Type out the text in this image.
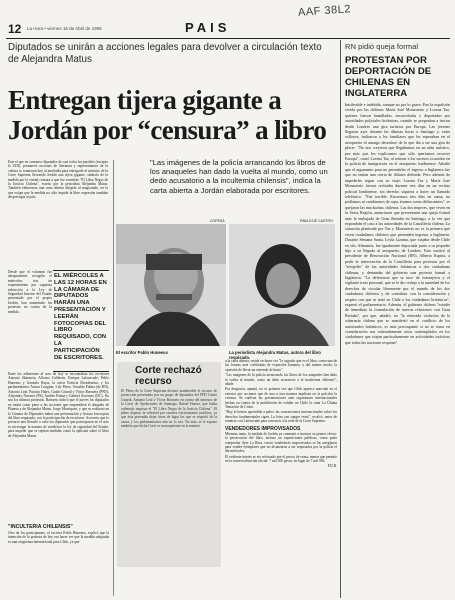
AAF 38L2
12 La Hora • viernes 16 de Abril de 1999	PAIS
Diputados se unirán a acciones legales para devolver a circulación texto de Alejandra Matus
Entregan tijera gigante a
Jordán por “censura” a libro
Este el que en consenso diputados de casi todos los partidos (excepto la UDI), promueve acciones de literatura y representantes de la cultura se reunieron hoy al mediodía para entregarle al ministro de la Corte Suprema Servando Jordán una tijera gigante, símbolo de la medida por la virtual censura a que fue sometido "El Libro Negro de la Justicia Chilena", escrito por la periodista Alejandra Matus. También elaboraron una carta abierta dirigida al magistrado, en la que exijan que la medida no sólo impide la libre expresión también desprestigia al país.
Desde que el volumen fue abruptamente recogido el miércoles, tras un requerimiento por supuesta infracción a la Ley de Seguridad Interior del Estado presentado por el propio Jordán, han aumentado las protestas en contra de la medida.
EL MIÉRCOLES A LAS 12 HORAS EN LA CÁMARA DE DIPUTADOS HARÁN UNA PRESENTACIÓN Y LEERÁN FOTOCOPIAS DEL LIBRO REQUISADO, CON LA PARTICIPACIÓN DE ESCRITORES.
Entre los adherentes al acto de hoy se encontraban los escritores Antonio Skármeta, Alfonso Calderón, Enrique Lafourcade, Pablo Huneeus y Gonzalo Rojas, la actriz Patricia Rivadeneira, y los parlamentarios Arturo Longton, Lily Pérez, Osvaldo Palma (de RN), Antonio Leal, Patricio Hales, Guido Girardi y Víctor Barrueto (PPD), Alejandro Navarro (PS), Andrés Palma y Gabriel Ascencio (DC). No son los últimos protestas. Barrueto indicó que el jueves los diputados en unión como parte a las acciones que emprenderá el abogado de Planeta y de Alejandra Matus, Jorge Mosríquez, y que se realizará en la Cámara de Diputados habrá una presentación y lectura fotocopias del libro requisado, con la participación de escritores. Ascencio que lo privarse una llevarlo a cabo los diputados que participaron en el acto es investigar la manera de modificar la ley de seguridad del Estado, para impedir que se repitan medidas como la aplicada sobre el libro de Alejandra Matus.
"INCULTERIA CHILENSIS"
Otro de los participantes, el escritor Pablo Huneeus, explicó que la intención de la protesta de hoy era hacer ver que la medida adoptada es una vergüenza internacional para Chile, ya que
"Las imágenes de la policía arrancando los libros de los anaqueles han dado la vuelta al mundo, como un dedo acusatorio a la incultemia chilensis", indica la carta abierta a Jordán elaborada por escritores.
COPESA
El escritor Pablo Huneeus
PABLO DE CASTRO
La periodista Alejandra Matus, autora del libro requisado.
Corte rechazó recurso
El Pleno de la Corte Suprema declaró inadmisible el recurso de protección presentado por un grupo de diputados del PPD Guido Girardi, Antonio Leal y Víctor Barrueto en contra del ministro de la Corte de Apelaciones de Santiago, Rafael Huerta, que había ordenado requisar el "El Libro Negro de la Justicia Chilena". El pleno dispuso la solicitud por razones estrictamente jurídicas, ya que ésta pretendía dejar fuera de lugar las que se requirió de la causa, y los parlamentarios aún no lo son. No más, se le expuso también que dicha Corte es incompetente en la materia.

a la carta abierta, reside en hacer ver "lo sagrado que es el libro, como una de las formas más civilizadas de expresión humana, y del mismo modo, la opresión de llevar un estrendo de hurto".

"Las imágenes de la policía arrancando los libros de los anaqueles han dado la vuelta al mundo, como un dedo acusatorio a la incultemia chilensis", añade.

Por desgracia, apuntó, no es primera vez que Chile aparece marcado en el exterior por acciones que de una u otra manera implican en la práctica la censura. Se vuelven las presentaciones ante organismos internacionales hechas en contra de la prohibición de exhibir en Chile la cinta La Última Tentación de Cristo.

"Hoy lo hemos aprendido a palos: las convenciones internacionales sobre los derechos fundamentales rigen. La letra con sangre entra", recalcó, antes de reunirse con Lafourcade para concurrir a la sede de la Corte Suprema.

VENDEDORES IMPROVISADOS

Mientras tanto, la medida de Jordán ya comenzó a mostrar su primer efecto: la persecución del libro, incluso en reparticiones públicas, como pudo comprobar Ayer La Hora, varios vendedores improvisados se las arreglaron para vender ejemplares que no alcanzaron a ser requisados por la policía el día miércoles.

El evidente interés se vio reforzado por el precio de venta, menor que permite en la comercialización oficial: 7 mil 500 pesos, en lugar de 7 mil 900.

F.D.R.
RN pidió queja formal
PROTESTAN POR DEPORTACIÓN DE CHILENAS EN INGLATERRA
Intolerable e indebida, aunque no por lo grave. Fue la expulsión vivida por las chilenas María José Monasterio y Lorena Taz, quienes fueron humilladas, encarceladas y deportadas por autoridades policiales británicas, cuando se proponían a iniciar desde Londres una gira turística por Europa. Las jóvenes llegaron ayer durante las últimas horas a Santiago y, entre sollozos, indicaron a los familiares que les esperaban en el aeropuerto el amargo desenlace de lo que iba a ser una gira de placer. "No nos creyeron que llegábamos en un afán turístico, por más que les explicamos que sólo queríamos recorrer Europa", contó Lorena Taz, al reiterar a los sucesos ocurridos en la policía de inmigración en el aeropuerto londinense. Añadió que el argumento para no permitirles el ingreso a Inglaterra fue que no tenían una cierta de dólares definida. Pero además de impedirles seguir con su viaje, Lorena Taz y María José Monasterio fueron recluidas durante tres días en un recinto policial londinense, sin derecho siquiera a hacer un llamado telefónico. "Fue terrible. Estuvimos tres días en cama, no podíamos ni cambiarnos de ropa, éramos como delincuentes", se quejaron las muchachas chilenas. Las dos mujeres, que viven en la Sexta Región, anunciaron que presentarán una queja formal ante la embajada de Gran Bretaña en Santiago, a la vez que expondrán el caso a las autoridades de la Cancillería chilena. La situación planteada por Taz y Monasterio no es la primera que viven ciudadanos chilenos que pretenden ingresar a Inglaterra. Durante Semana Santa, Leyla Lizama, que viajaba desde Chile en vilo Alemania, fue igualmente deportada junto a su pequeño hijo a su llegada al aeropuerto de Londres. Esto motivó al presidente de Renovación Nacional (RN), Alberto Espina, a pedir la intervención de la Cancillería para protestar por el "atropello" de las autoridades británicas a dos ciudadanas chilenas, y demandar del gobierno una protesta formal a Inglaterra. "La deferencia que se tuvo de extranjeros y el vigilante trato personal, que se le dio redujo a la ansiedad de los derechos de circular libremente por el mundo de los dos ciudadanos chilenos y de contribuir con la consideración y respeto con que se trató en Chile a los ciudadanos británicos", expresó el parlamentario. Además, el gobierno chileno "estudie de inmediato la formulación de nuevas relaciones con Gran Bretaña", por que, añadió, en "la reiterada violación de la soberanía chilena que se manifestó en el conflicto de los autorizados británicos, es más preocupante si no se toma en consideración nos reiteradamente actos contemplados en los ciudadanos que viajan particularmente en actividades turísticas que todas las naciones respetan".
